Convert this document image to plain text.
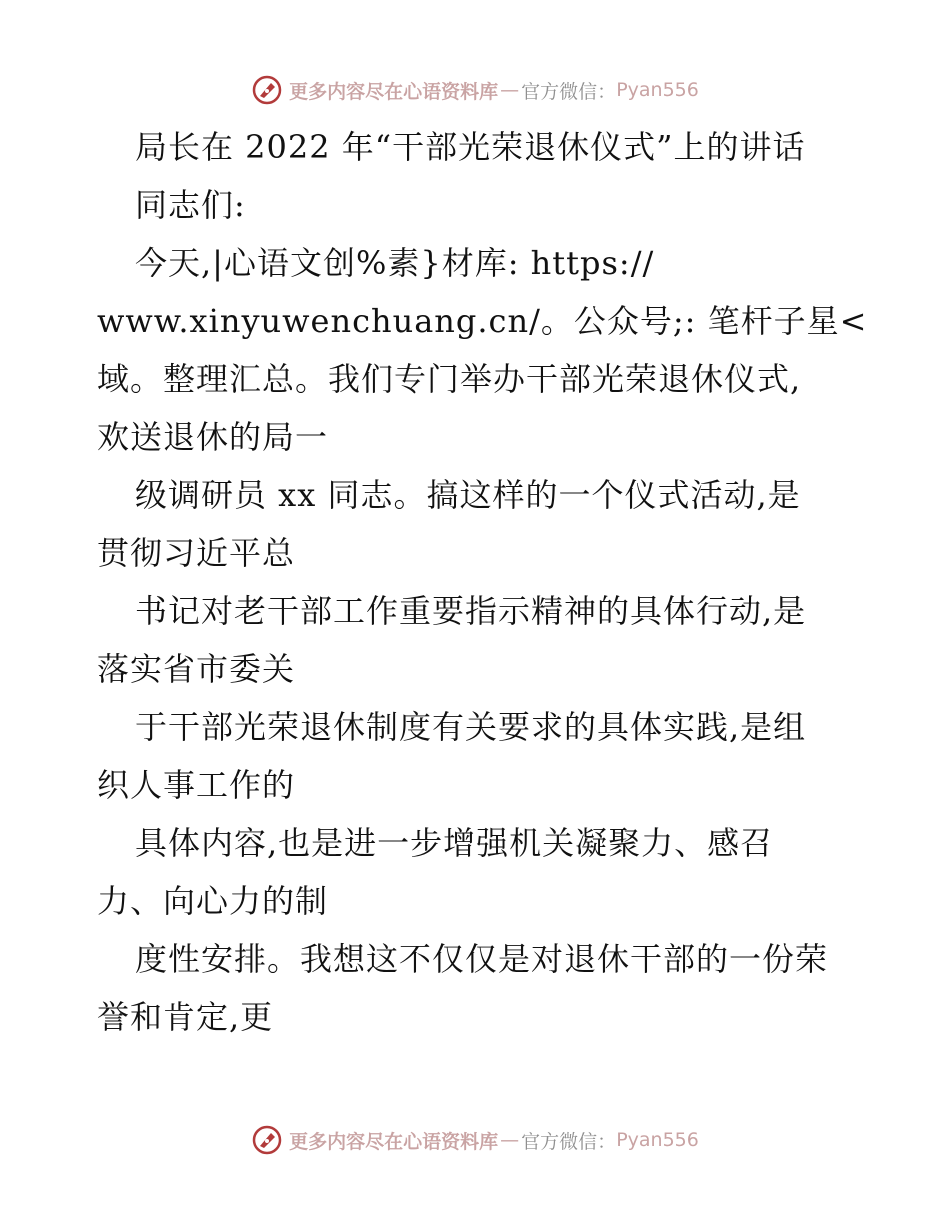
更多内容尽在心语资料库 — 官方微信： Pyan556
局长在 2022 年“干部光荣退休仪式”上的讲话
同志们:
今天,|心语文创%素}材库: https://
www.xinyuwenchuang.cn/。公众号;: 笔杆子星<
域。整理汇总。我们专门举办干部光荣退休仪式,
欢送退休的局一
级调研员 xx 同志。搞这样的一个仪式活动,是
贯彻习近平总
书记对老干部工作重要指示精神的具体行动,是
落实省市委关
于干部光荣退休制度有关要求的具体实践,是组
织人事工作的
具体内容,也是进一步增强机关凝聚力、感召
力、向心力的制
度性安排。我想这不仅仅是对退休干部的一份荣
誉和肯定,更
更多内容尽在心语资料库 — 官方微信： Pyan556
